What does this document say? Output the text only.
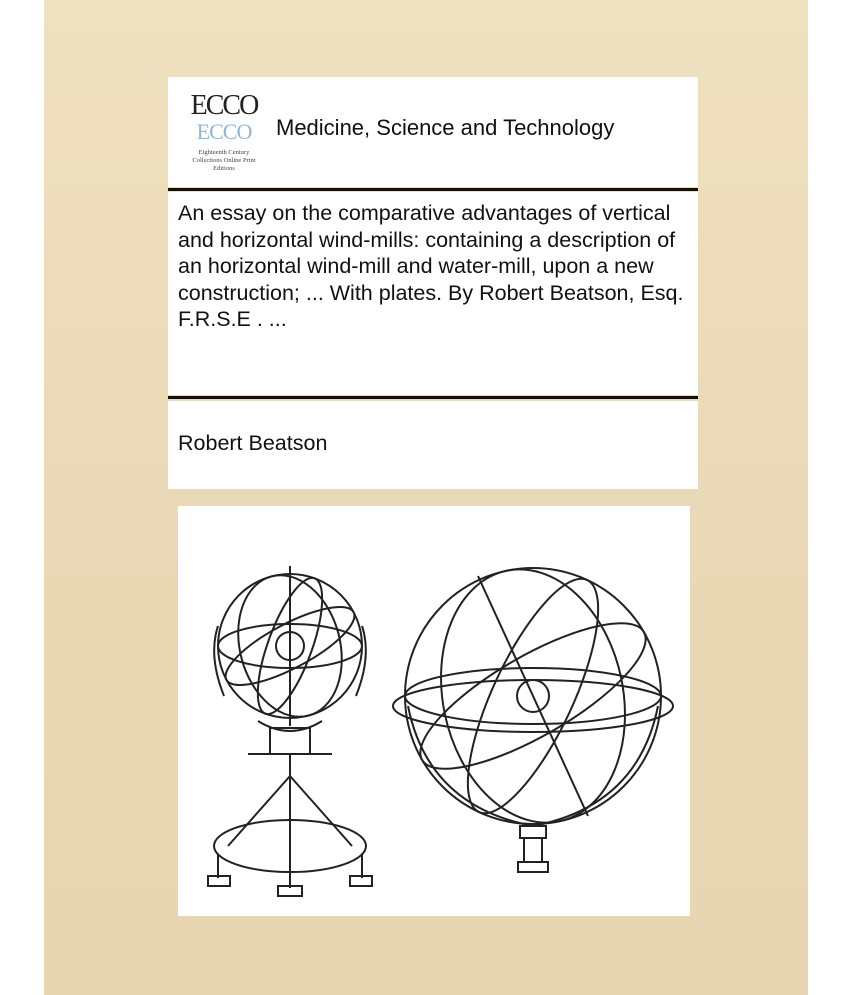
ECCO
ECCO
Eighteenth Century Collections Online Print Editions
Medicine, Science and Technology
An essay on the comparative advantages of vertical and horizontal wind-mills: containing a description of an horizontal wind-mill and water-mill, upon a new construction; ... With plates. By Robert Beatson, Esq. F.R.S.E . ...
Robert Beatson
